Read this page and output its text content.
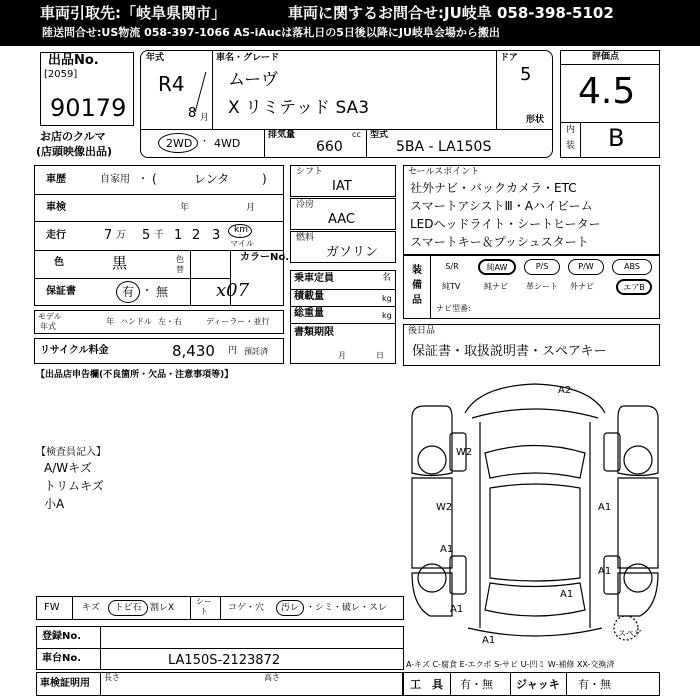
車両引取先:「岐阜県関市」	車両に関するお問合せ:JU岐阜 058-398-5102
陸送問合せ:US物流 058-397-1066 AS-iAucは落札日の5日後以降にJU岐阜会場から搬出
出品No.
[2059]
90179
お店のクルマ
(店頭映像出品)
年式
R4
8 月
車名・グレード
ムーヴ
X リミテッド SA3
ドア
5
形状
2WD ・ 4WD
排気量	cc
660
型式
5BA - LA150S
評価点
4.5
内
装 B
車歴	自家用 ・ (	レンタ	)
車検	年	月
走行	7 万 5 千 1 2 3 km
マイル
色	黒	色
替
カラーNo.
x07
保証書	有 ・ 無
モデル
年式
年 ハンドル 左・右	ディーラー・並行
リサイクル料金	8,430 円 預託済
シフト
IAT
冷房
AAC
燃料
ガソリン
乗車定員	名
積載量	kg
総重量	kg
書類期限
月	日
セールスポイント
社外ナビ・バックカメラ・ETC
スマートアシストⅢ・Aハイビーム
LEDヘッドライト・シートヒーター
スマートキー＆プッシュスタート
装
備
品
S/R	純AW	P/S	P/W	ABS
純TV	純ナビ 革シート 外ナビ	エアB
ナビ型番:
後日品
保証書・取扱説明書・スペアキー
【出品店申告欄(不良箇所・欠品・注意事項等)】
【検査員記入】
A/Wキズ
トリムキズ
小A
A2
W2
W2	A1
A1
A1
A1
A1
A1
スペア
FW キズ	トビ石 割レX
シー
ト コゲ・穴	汚レ ・シミ・破レ・スレ
登録No.
車台No.	LA150S-2123872
車検証明用
長さ	高さ
A-キズ C-腐食 E-エクボ S-サビ U-凹ミ W-補修 XX-交換済
工　具 有・無 ジャッキ 有・無
